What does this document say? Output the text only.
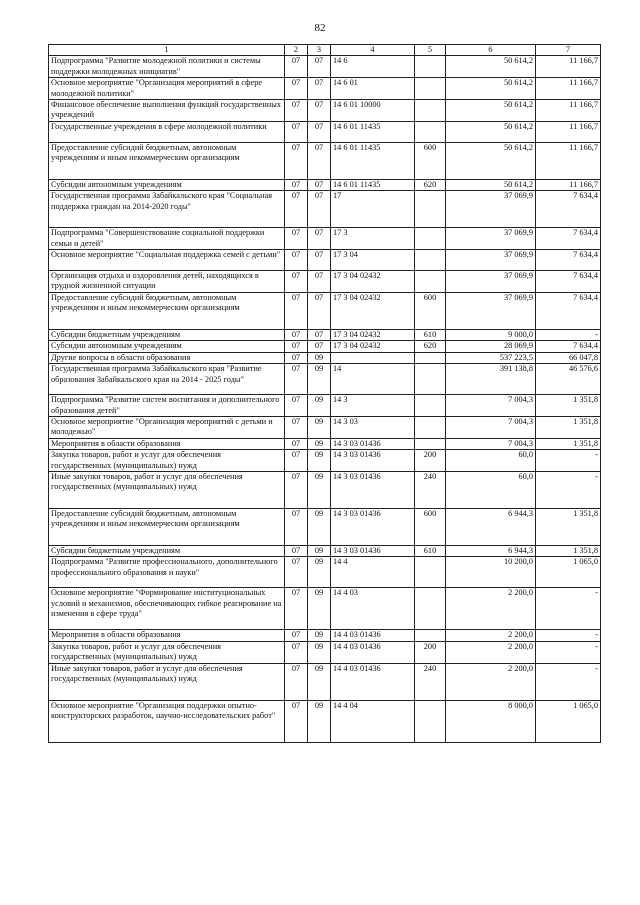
82
1	2	3	4	5	6	7
Подпрограмма "Развитие молодежной политики и системы поддержки молодежных инициатив"	07	07	14 6		50 614,2	11 166,7
Основное мероприятие "Организация мероприятий в сфере молодежной политики"	07	07	14 6 01		50 614,2	11 166,7
Финансовое обеспечение выполнения функций государственных учреждений	07	07	14 6 01 10000		50 614,2	11 166,7
Государственные учреждения в сфере молодежной политики	07	07	14 6 01 11435		50 614,2	11 166,7
Предоставление субсидий бюджетным, автономным учреждениям и иным некоммерческим организациям	07	07	14 6 01 11435	600	50 614,2	11 166,7
Субсидии автономным учреждениям	07	07	14 6 01 11435	620	50 614,2	11 166,7
Государственная программа Забайкальского края "Социальная поддержка граждан на 2014-2020 годы"	07	07	17		37 069,9	7 634,4
Подпрограмма "Совершенствование социальной поддержки семьи и детей"	07	07	17 3		37 069,9	7 634,4
Основное мероприятие "Социальная поддержка семей с детьми"	07	07	17 3 04		37 069,9	7 634,4
Организация отдыха и оздоровления детей, находящихся в трудной жизненной ситуации	07	07	17 3 04 02432		37 069,9	7 634,4
Предоставление субсидий бюджетным, автономным учреждениям и иным некоммерческим организациям	07	07	17 3 04 02432	600	37 069,9	7 634,4
Субсидии бюджетным учреждениям	07	07	17 3 04 02432	610	9 000,0	-
Субсидии автономным учреждениям	07	07	17 3 04 02432	620	28 069,9	7 634,4
Другие вопросы в области образования	07	09			537 223,5	66 047,8
Государственная программа Забайкальского края "Развитие образования Забайкальского края на 2014 - 2025 годы"	07	09	14		391 138,8	46 576,6
Подпрограмма "Развитие систем воспитания и дополнительного образования детей"	07	09	14 3		7 004,3	1 351,8
Основное мероприятие "Организация мероприятий с детьми и молодежью"	07	09	14 3 03		7 004,3	1 351,8
Мероприятия в области образования	07	09	14 3 03 01436		7 004,3	1 351,8
Закупка товаров, работ и услуг для обеспечения государственных (муниципальных) нужд	07	09	14 3 03 01436	200	60,0	-
Иные закупки товаров, работ и услуг для обеспечения государственных (муниципальных) нужд	07	09	14 3 03 01436	240	60,0	-
Предоставление субсидий бюджетным, автономным учреждениям и иным некоммерческим организациям	07	09	14 3 03 01436	600	6 944,3	1 351,8
Субсидии бюджетным учреждениям	07	09	14 3 03 01436	610	6 944,3	1 351,8
Подпрограмма "Развитие профессионального, дополнительного профессионального образования и науки"	07	09	14 4		10 200,0	1 065,0
Основное мероприятие "Формирование институциональных условий и механизмов, обеспечивающих гибкое реагирование на изменения в сфере труда"	07	09	14 4 03		2 200,0	-
Мероприятия в области образования	07	09	14 4 03 01436		2 200,0	-
Закупка товаров, работ и услуг для обеспечения государственных (муниципальных) нужд	07	09	14 4 03 01436	200	2 200,0	-
Иные закупки товаров, работ и услуг для обеспечения государственных (муниципальных) нужд	07	09	14 4 03 01436	240	2 200,0	-
Основное мероприятие "Организация поддержки опытно-конструкторских разработок, научно-исследовательских работ"	07	09	14 4 04		8 000,0	1 065,0
